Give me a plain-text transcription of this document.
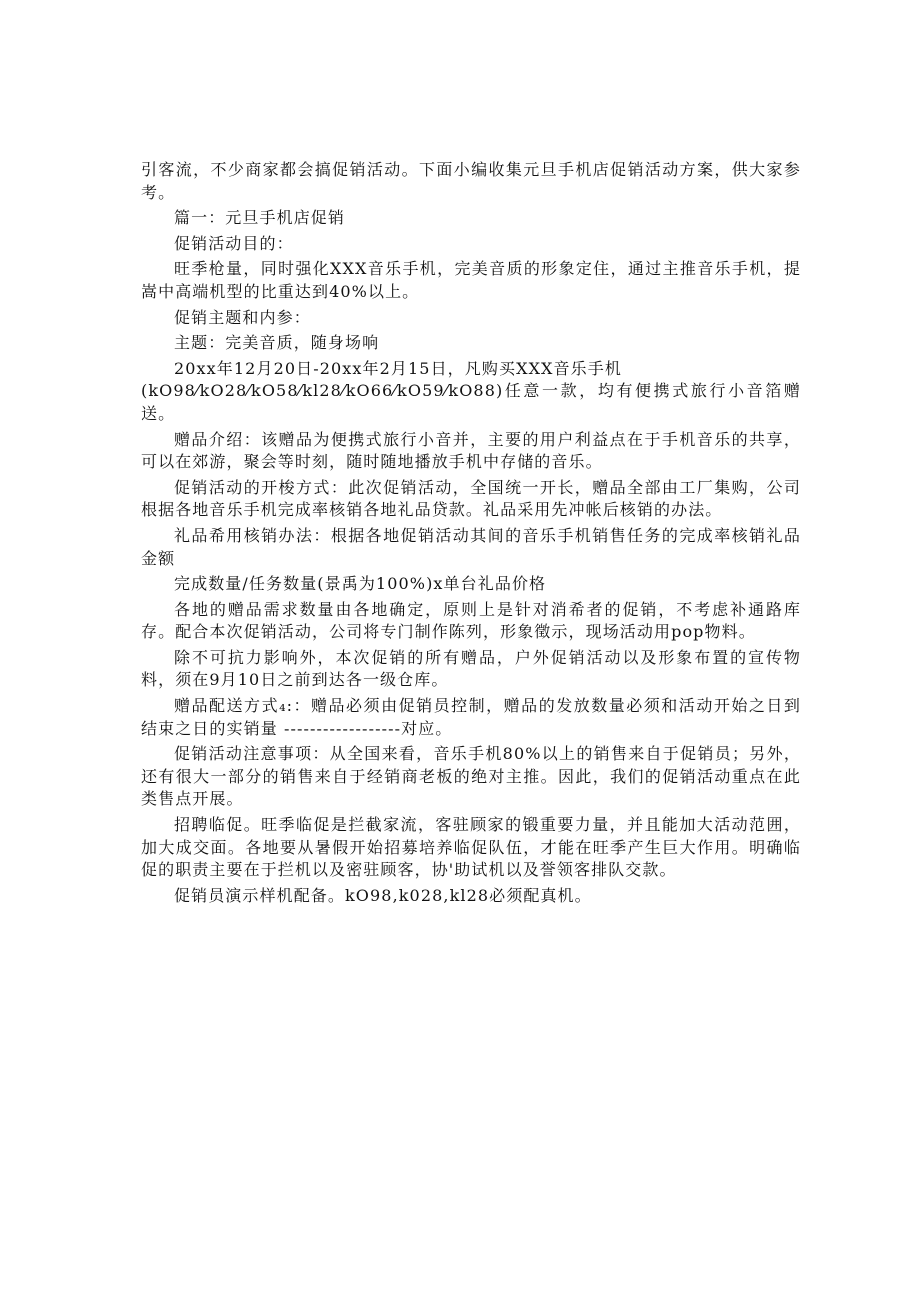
引客流，不少商家都会搞促销活动。下面小编收集元旦手机店促销活动方案，供大家参考。

篇一：元旦手机店促销

促销活动目的：

旺季枪量，同时强化XXX音乐手机，完美音质的形象定住，通过主推音乐手机，提嵩中高端机型的比重达到40%以上。

促销主题和内参：

主题：完美音质，随身场响

20xx年12月20日-20xx年2月15日，凡购买XXX音乐手机
(kO98⁄kO28⁄kO58⁄kl28⁄kO66⁄kO59⁄kO88)任意一款，均有便携式旅行小音箔赠送。

赠品介绍：该赠品为便携式旅行小音并，主要的用户利益点在于手机音乐的共享，可以在郊游，聚会等时刻，随时随地播放手机中存储的音乐。

促销活动的开梭方式：此次促销活动，全国统一开长，赠品全部由工厂集购，公司根据各地音乐手机完成率核销各地礼品贷款。礼品采用先冲帐后核销的办法。

礼品希用核销办法：根据各地促销活动其间的音乐手机销售任务的完成率核销礼品金额

完成数量/任务数量(景禹为100%)x单台礼品价格

各地的赠品需求数量由各地确定，原则上是针对消希者的促销，不考虑补通路库存。配合本次促销活动，公司将专门制作陈列，形象徵示，现场活动用pop物料。

除不可抗力影响外，本次促销的所有赠品，户外促销活动以及形象布置的宣传物料，须在9月10日之前到达各一级仓库。

赠品配送方式₄:：赠品必须由促销员控制，赠品的发放数量必须和活动开始之日到结束之日的实销量 ------------------对应。

促销活动注意事项：从全国来看，音乐手机80%以上的销售来自于促销员；另外，还有很大一部分的销售来自于经销商老板的绝对主推。因此，我们的促销活动重点在此类售点开展。

招聘临促。旺季临促是拦截家流，客驻顾家的锻重要力量，并且能加大活动范囲，加大成交面。各地要从暑假开始招募培养临促队伍，才能在旺季产生巨大作用。明确临促的职责主要在于拦机以及密驻顾客，协'助试机以及誉领客排队交款。

促销员演示样机配备。kO98,k028,kl28必须配真机。
